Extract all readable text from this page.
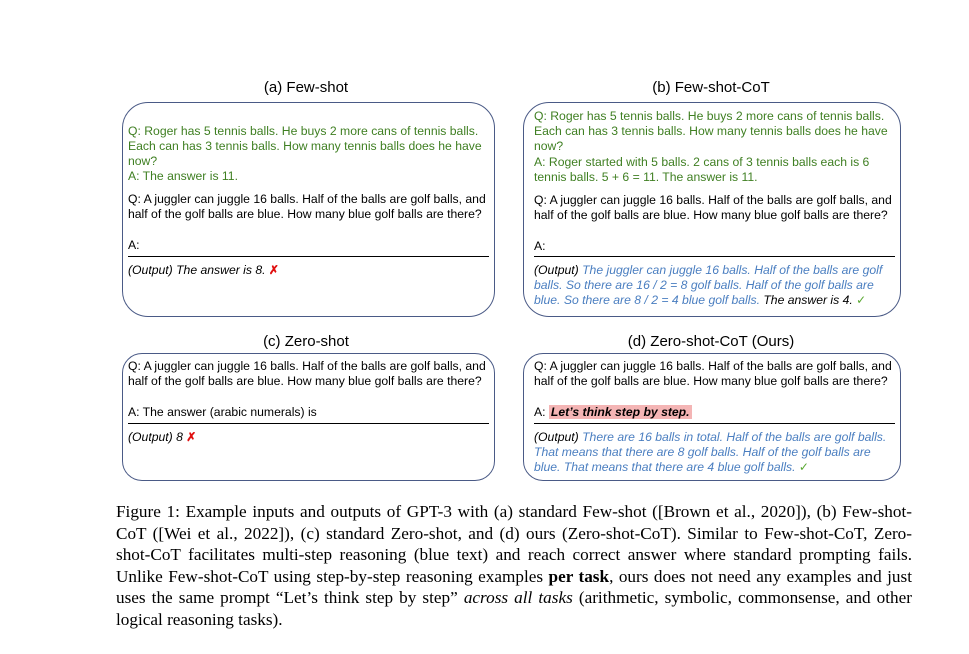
(a) Few-shot
Q: Roger has 5 tennis balls. He buys 2 more cans of tennis balls. Each can has 3 tennis balls. How many tennis balls does he have now?
A: The answer is 11.
Q: A juggler can juggle 16 balls. Half of the balls are golf balls, and half of the golf balls are blue. How many blue golf balls are there?
A:
(Output) The answer is 8. ✗
(b) Few-shot-CoT
Q: Roger has 5 tennis balls. He buys 2 more cans of tennis balls. Each can has 3 tennis balls. How many tennis balls does he have now?
A: Roger started with 5 balls. 2 cans of 3 tennis balls each is 6 tennis balls. 5 + 6 = 11. The answer is 11.
Q: A juggler can juggle 16 balls. Half of the balls are golf balls, and half of the golf balls are blue. How many blue golf balls are there?
A:
(Output) The juggler can juggle 16 balls. Half of the balls are golf balls. So there are 16 / 2 = 8 golf balls. Half of the golf balls are blue. So there are 8 / 2 = 4 blue golf balls. The answer is 4. ✓
(c) Zero-shot
Q: A juggler can juggle 16 balls. Half of the balls are golf balls, and half of the golf balls are blue. How many blue golf balls are there?
A: The answer (arabic numerals) is
(Output) 8 ✗
(d) Zero-shot-CoT (Ours)
Q: A juggler can juggle 16 balls. Half of the balls are golf balls, and half of the golf balls are blue. How many blue golf balls are there?
A: Let’s think step by step.
(Output) There are 16 balls in total. Half of the balls are golf balls. That means that there are 8 golf balls. Half of the golf balls are blue. That means that there are 4 blue golf balls. ✓
Figure 1: Example inputs and outputs of GPT-3 with (a) standard Few-shot ([Brown et al., 2020]), (b) Few-shot-CoT ([Wei et al., 2022]), (c) standard Zero-shot, and (d) ours (Zero-shot-CoT). Similar to Few-shot-CoT, Zero-shot-CoT facilitates multi-step reasoning (blue text) and reach correct answer where standard prompting fails. Unlike Few-shot-CoT using step-by-step reasoning examples per task, ours does not need any examples and just uses the same prompt “Let’s think step by step” across all tasks (arithmetic, symbolic, commonsense, and other logical reasoning tasks).
